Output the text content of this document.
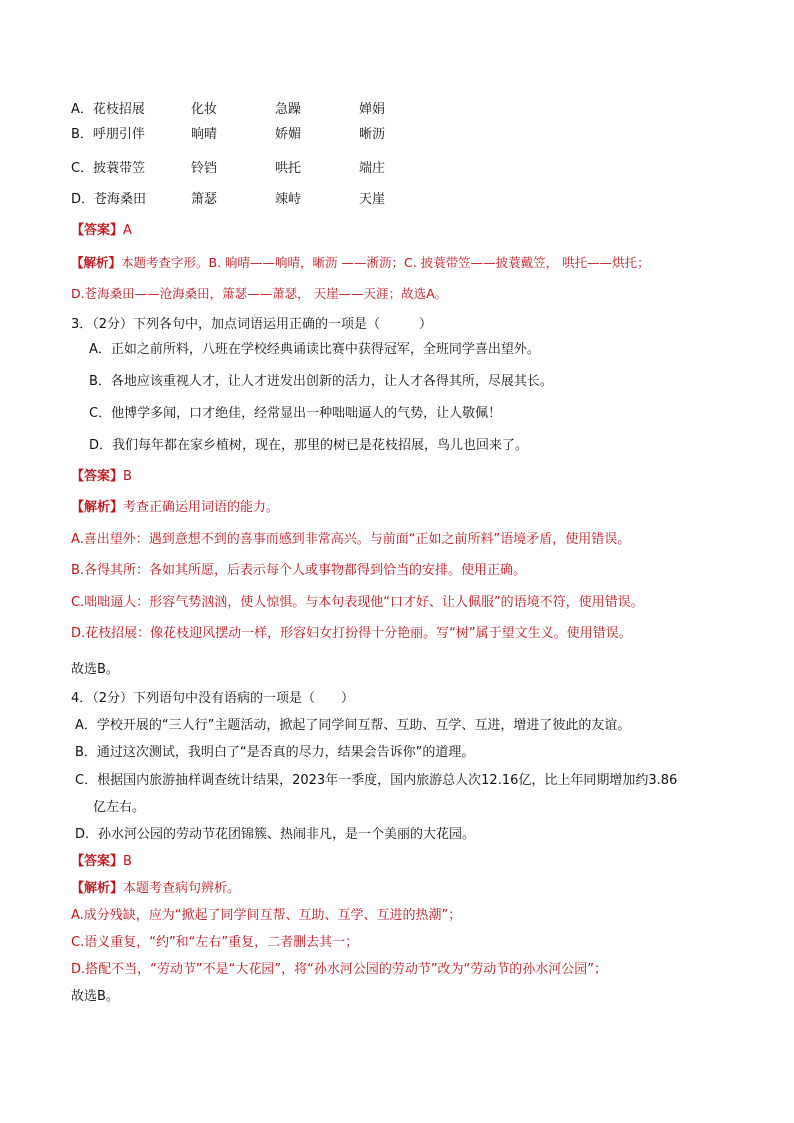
A．花枝招展	化妆	急躁	婵娟
B．呼朋引伴	晌晴	娇媚	晰沥
C．披蓑带笠	铃铛	哄托	端庄
D．苍海桑田	箫瑟	竦峙	天崖
【答案】A
【解析】本题考查字形。B. 晌晴——响晴，晰沥 ——淅沥；C. 披蓑带笠——披蓑戴笠， 哄托——烘托；
D.苍海桑田——沧海桑田，箫瑟——萧瑟， 天崖——天涯；故选A。
3．（2分）下列各句中，加点词语运用正确的一项是（　　　）
A．正如之前所料，八班在学校经典诵读比赛中获得冠军，全班同学喜出望外。
B．各地应该重视人才，让人才迸发出创新的活力，让人才各得其所，尽展其长。
C．他博学多闻，口才绝佳，经常显出一种咄咄逼人的气势，让人敬佩！
D．我们每年都在家乡植树，现在，那里的树已是花枝招展，鸟儿也回来了。
【答案】B
【解析】考查正确运用词语的能力。
A.喜出望外：遇到意想不到的喜事而感到非常高兴。与前面“正如之前所料”语境矛盾，使用错误。
B.各得其所：各如其所愿，后表示每个人或事物都得到恰当的安排。使用正确。
C.咄咄逼人：形容气势汹汹，使人惊惧。与本句表现他“口才好、让人佩服”的语境不符，使用错误。
D.花枝招展：像花枝迎风摆动一样，形容妇女打扮得十分艳丽。写“树”属于望文生义。使用错误。
故选B。
4．（2分）下列语句中没有语病的一项是（　　）
A．学校开展的“三人行”主题活动，掀起了同学间互帮、互助、互学、互进，增进了彼此的友谊。
B．通过这次测试，我明白了“是否真的尽力，结果会告诉你”的道理。
C．根据国内旅游抽样调查统计结果，2023年一季度，国内旅游总人次12.16亿，比上年同期增加约3.86
亿左右。
D．孙水河公园的劳动节花团锦簇、热闹非凡，是一个美丽的大花园。
【答案】B
【解析】本题考查病句辨析。
A.成分残缺，应为“掀起了同学间互帮、互助、互学、互进的热潮”；
C.语义重复，“约”和“左右”重复，二者删去其一；
D.搭配不当，“劳动节”不是“大花园”，将“孙水河公园的劳动节”改为“劳动节的孙水河公园”；
故选B。
